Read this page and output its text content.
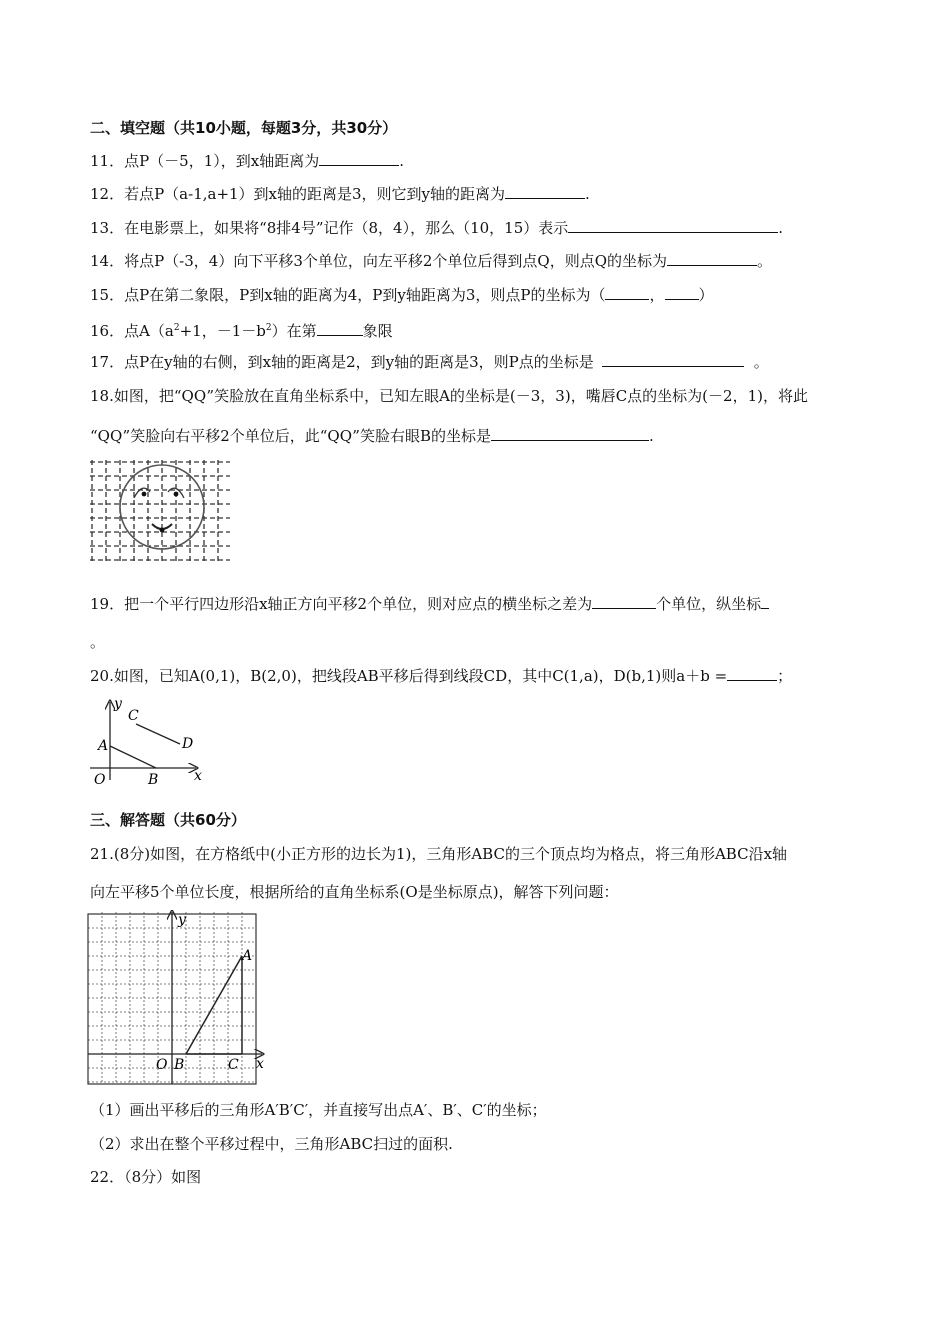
二、填空题（共10小题，每题3分，共30分）
11．点P（－5，1），到x轴距离为	.
12．若点P（a-1,a+1）到x轴的距离是3，则它到y轴的距离为	.
13．在电影票上，如果将“8排4号”记作（8，4），那么（10，15）表示	.
14．将点P（-3，4）向下平移3个单位，向左平移2个单位后得到点Q，则点Q的坐标为	。
15．点P在第二象限，P到x轴的距离为4，P到y轴距离为3，则点P的坐标为（	， ）
16．点$A(a^2+1$，$-1-b^2$）在第	象限
17．点P在y轴的右侧，到x轴的距离是2，到y轴的距离是3，则P点的坐标是	。
18.如图，把“QQ”笑脸放在直角坐标系中，已知左眼A的坐标是(－3，3)，嘴唇C点的坐标为(－2，1)，将此
“QQ”笑脸向右平移2个单位后，此“QQ”笑脸右眼B的坐标是	.
19．把一个平行四边形沿x轴正方向平移2个单位，则对应点的横坐标之差为	个单位，纵坐标
。
20.如图，已知A(0,1)，B(2,0)，把线段AB平移后得到线段CD，其中C(1,a)，D(b,1)则a＋b =	；
y
x
O
A
B
C
D
三、解答题（共60分）
21.(8分)如图，在方格纸中(小正方形的边长为1)，三角形ABC的三个顶点均为格点，将三角形ABC沿x轴
向左平移5个单位长度，根据所给的直角坐标系(O是坐标原点)，解答下列问题：
y
x
O
A
B	C
（1）画出平移后的三角形A′B′C′，并直接写出点A′、B′、C′的坐标；
（2）求出在整个平移过程中，三角形ABC扫过的面积.
22．（8分）如图
